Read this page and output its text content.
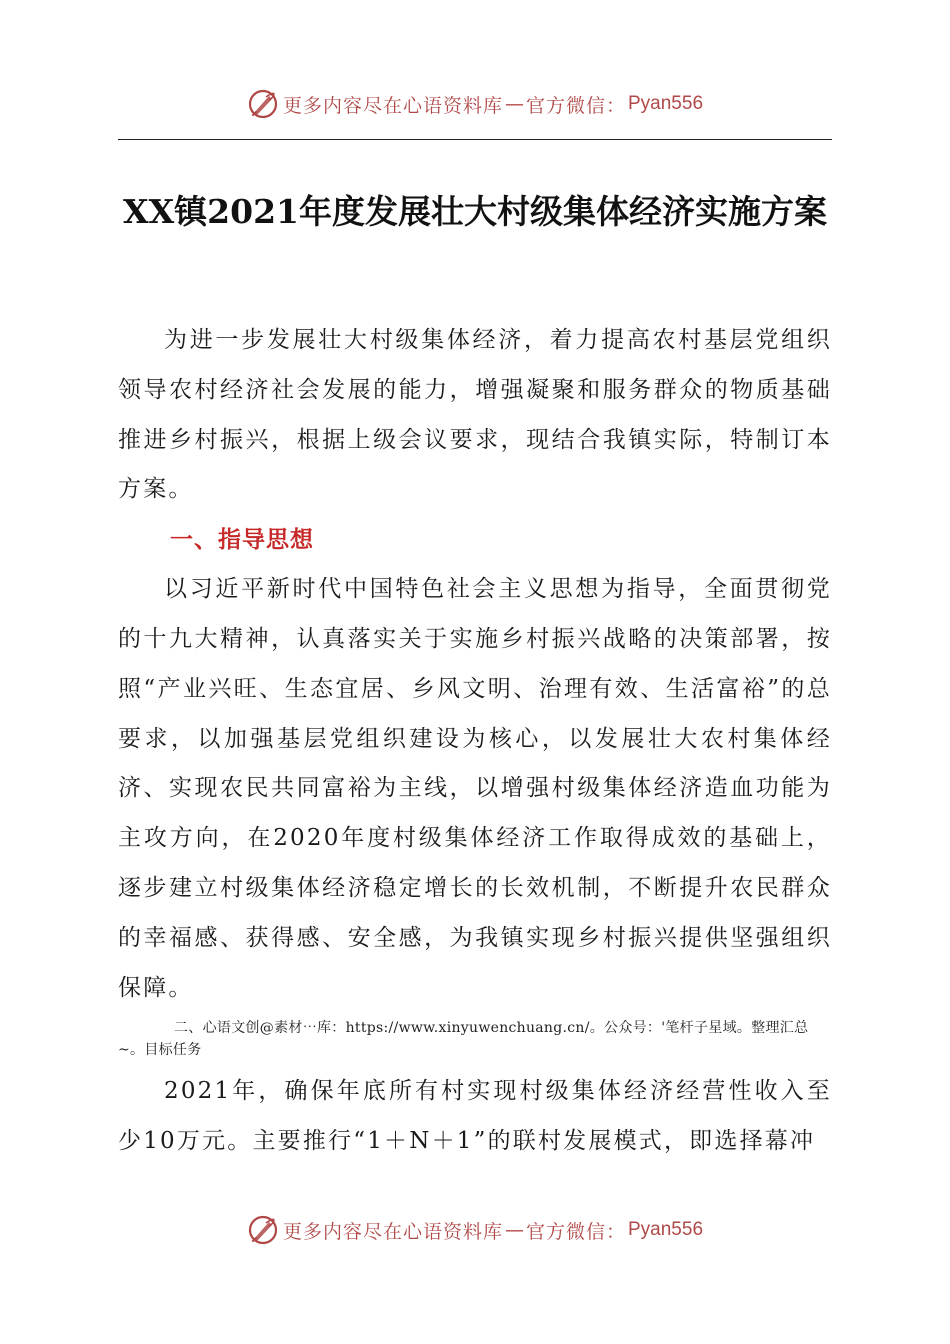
更多内容尽在心语资料库 — 官方微信： Pyan556
XX镇2021年度发展壮大村级集体经济实施方案

为进一步发展壮大村级集体经济，着力提高农村基层党组织领导农村经济社会发展的能力，增强凝聚和服务群众的物质基础推进乡村振兴，根据上级会议要求，现结合我镇实际，特制订本方案。

一、指导思想

以习近平新时代中国特色社会主义思想为指导，全面贯彻党的十九大精神，认真落实关于实施乡村振兴战略的决策部署，按照“产业兴旺、生态宜居、乡风文明、治理有效、生活富裕”的总要求，以加强基层党组织建设为核心，以发展壮大农村集体经济、实现农民共同富裕为主线，以增强村级集体经济造血功能为主攻方向，在2020年度村级集体经济工作取得成效的基础上，逐步建立村级集体经济稳定增长的长效机制，不断提升农民群众的幸福感、获得感、安全感，为我镇实现乡村振兴提供坚强组织保障。

二、心语文创@素材⋯库：https://www.xinyuwenchuang.cn/。公众号：'笔杆子星域。整理汇总~。目标任务

2021年，确保年底所有村实现村级集体经济经营性收入至少10万元。主要推行“1＋N＋1”的联村发展模式，即选择幕冲

更多内容尽在心语资料库 — 官方微信： Pyan556
